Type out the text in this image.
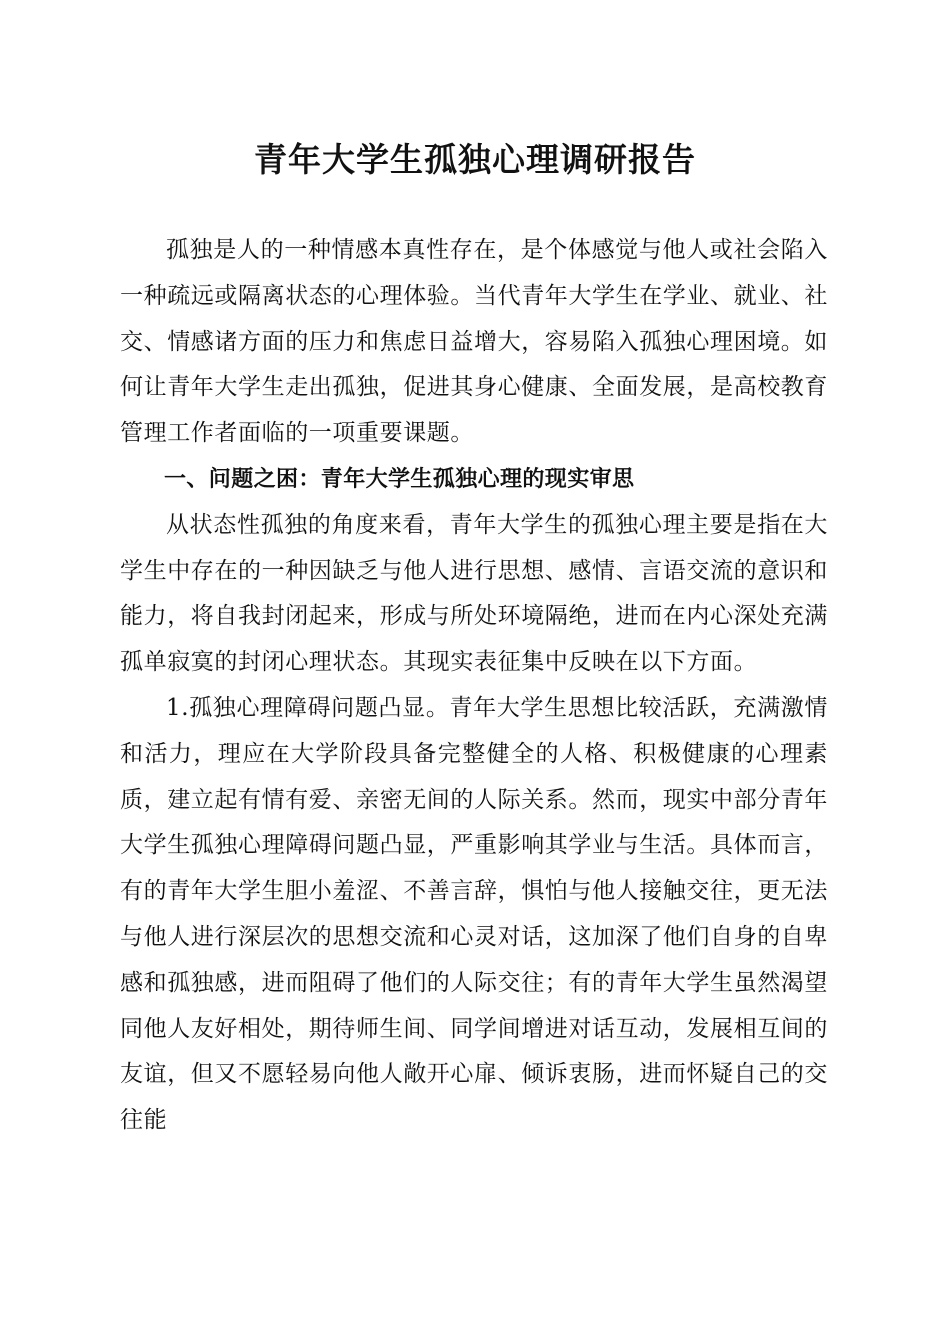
青年大学生孤独心理调研报告

孤独是人的一种情感本真性存在，是个体感觉与他人或社会陷入一种疏远或隔离状态的心理体验。当代青年大学生在学业、就业、社交、情感诸方面的压力和焦虑日益增大，容易陷入孤独心理困境。如何让青年大学生走出孤独，促进其身心健康、全面发展，是高校教育管理工作者面临的一项重要课题。

一、问题之困：青年大学生孤独心理的现实审思

从状态性孤独的角度来看，青年大学生的孤独心理主要是指在大学生中存在的一种因缺乏与他人进行思想、感情、言语交流的意识和能力，将自我封闭起来，形成与所处环境隔绝，进而在内心深处充满孤单寂寞的封闭心理状态。其现实表征集中反映在以下方面。

1.孤独心理障碍问题凸显。青年大学生思想比较活跃，充满激情和活力，理应在大学阶段具备完整健全的人格、积极健康的心理素质，建立起有情有爱、亲密无间的人际关系。然而，现实中部分青年大学生孤独心理障碍问题凸显，严重影响其学业与生活。具体而言，有的青年大学生胆小羞涩、不善言辞，惧怕与他人接触交往，更无法与他人进行深层次的思想交流和心灵对话，这加深了他们自身的自卑感和孤独感，进而阻碍了他们的人际交往；有的青年大学生虽然渴望同他人友好相处，期待师生间、同学间增进对话互动，发展相互间的友谊，但又不愿轻易向他人敞开心扉、倾诉衷肠，进而怀疑自己的交往能
